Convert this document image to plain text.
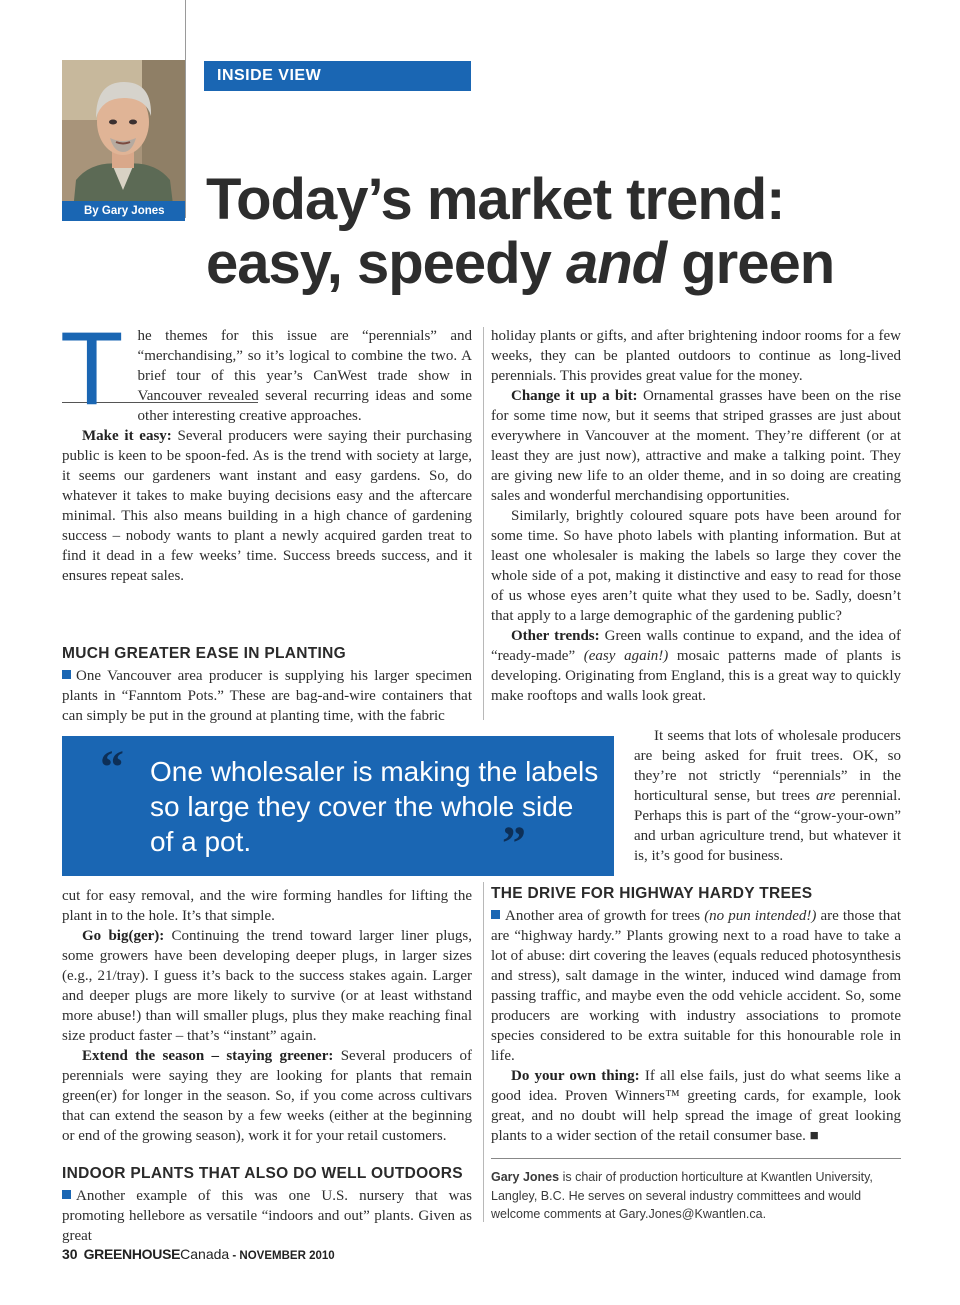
By Gary Jones
INSIDE VIEW
Today’s market trend:
easy, speedy and green

The themes for this issue are “perennials” and “merchandising,” so it’s logical to combine the two. A brief tour of this year’s CanWest trade show in Vancouver revealed several recurring ideas and some other interesting creative approaches.

Make it easy: Several producers were saying their purchasing public is keen to be spoon-fed. As is the trend with society at large, it seems our gardeners want instant and easy gardens. So, do whatever it takes to make buying decisions easy and the aftercare minimal. This also means building in a high chance of gardening success – nobody wants to plant a newly acquired garden treat to find it dead in a few weeks’ time. Success breeds success, and it ensures repeat sales.

MUCH GREATER EASE IN PLANTING

One Vancouver area producer is supplying his larger specimen plants in “Fanntom Pots.” These are bag-and-wire containers that can simply be put in the ground at planting time, with the fabric

holiday plants or gifts, and after brightening indoor rooms for a few weeks, they can be planted outdoors to continue as long-lived perennials. This provides great value for the money.

Change it up a bit: Ornamental grasses have been on the rise for some time now, but it seems that striped grasses are just about everywhere in Vancouver at the moment. They’re different (or at least they are just now), attractive and make a talking point. They are giving new life to an older theme, and in so doing are creating sales and wonderful merchandising opportunities.

Similarly, brightly coloured square pots have been around for some time. So have photo labels with planting information. But at least one wholesaler is making the labels so large they cover the whole side of a pot, making it distinctive and easy to read for those of us whose eyes aren’t quite what they used to be. Sadly, doesn’t that apply to a large demographic of the gardening public?

Other trends: Green walls continue to expand, and the idea of “ready-made” (easy again!) mosaic patterns made of plants is developing. Originating from England, this is a great way to quickly make rooftops and walls look great.

“ One wholesaler is making the labels so large they cover the whole side of a pot.	”

It seems that lots of wholesale producers are being asked for fruit trees. OK, so they’re not strictly “perennials” in the horticultural sense, but trees are perennial. Perhaps this is part of the “grow-your-own” and urban agriculture trend, but whatever it is, it’s good for business.

cut for easy removal, and the wire forming handles for lifting the plant in to the hole. It’s that simple.

Go big(ger): Continuing the trend toward larger liner plugs, some growers have been developing deeper plugs, in larger sizes (e.g., 21/tray). I guess it’s back to the success stakes again. Larger and deeper plugs are more likely to survive (or at least withstand more abuse!) than will smaller plugs, plus they make reaching final size product faster – that’s “instant” again.

Extend the season – staying greener: Several producers of perennials were saying they are looking for plants that remain green(er) for longer in the season. So, if you come across cultivars that can extend the season by a few weeks (either at the beginning or end of the growing season), work it for your retail customers.

INDOOR PLANTS THAT ALSO DO WELL OUTDOORS

Another example of this was one U.S. nursery that was promoting hellebore as versatile “indoors and out” plants. Given as great

THE DRIVE FOR HIGHWAY HARDY TREES

Another area of growth for trees (no pun intended!) are those that are “highway hardy.” Plants growing next to a road have to take a lot of abuse: dirt covering the leaves (equals reduced photosynthesis and stress), salt damage in the winter, induced wind damage from passing traffic, and maybe even the odd vehicle accident. So, some producers are working with industry associations to promote species considered to be extra suitable for this honourable role in life.

Do your own thing: If all else fails, just do what seems like a good idea. Proven Winners™ greeting cards, for example, look great, and no doubt will help spread the image of great looking plants to a wider section of the retail consumer base. ■

Gary Jones is chair of production horticulture at Kwantlen University, Langley, B.C. He serves on several industry committees and would welcome comments at Gary.Jones@Kwantlen.ca.
30 GREENHOUSECanada - NOVEMBER 2010
